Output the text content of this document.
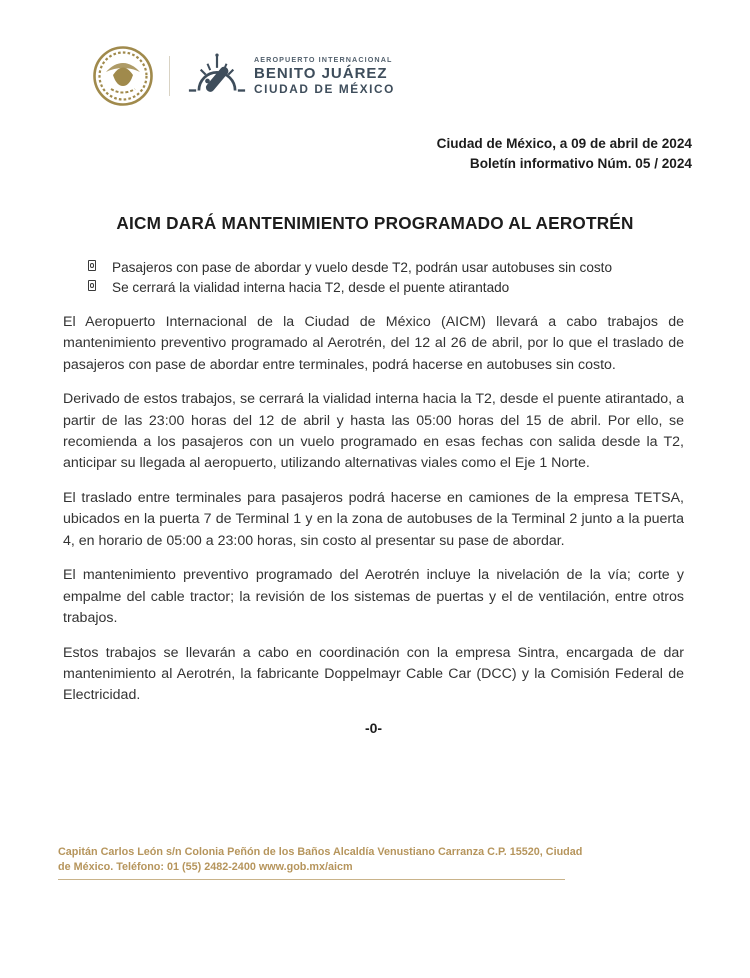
AEROPUERTO INTERNACIONAL
BENITO JUÁREZ
CIUDAD DE MÉXICO
Ciudad de México, a 09 de abril de 2024
Boletín informativo Núm. 05 / 2024
AICM DARÁ MANTENIMIENTO PROGRAMADO AL AEROTRÉN
Pasajeros con pase de abordar y vuelo desde T2, podrán usar autobuses sin costo
Se cerrará la vialidad interna hacia T2, desde el puente atirantado

El Aeropuerto Internacional de la Ciudad de México (AICM) llevará a cabo trabajos de mantenimiento preventivo programado al Aerotrén, del 12 al 26 de abril, por lo que el traslado de pasajeros con pase de abordar entre terminales, podrá hacerse en autobuses sin costo.

Derivado de estos trabajos, se cerrará la vialidad interna hacia la T2, desde el puente atirantado, a partir de las 23:00 horas del 12 de abril y hasta las 05:00 horas del 15 de abril. Por ello, se recomienda a los pasajeros con un vuelo programado en esas fechas con salida desde la T2, anticipar su llegada al aeropuerto, utilizando alternativas viales como el Eje 1 Norte.

El traslado entre terminales para pasajeros podrá hacerse en camiones de la empresa TETSA, ubicados en la puerta 7 de Terminal 1 y en la zona de autobuses de la Terminal 2 junto a la puerta 4, en horario de 05:00 a 23:00 horas, sin costo al presentar su pase de abordar.

El mantenimiento preventivo programado del Aerotrén incluye la nivelación de la vía; corte y empalme del cable tractor; la revisión de los sistemas de puertas y el de ventilación, entre otros trabajos.

Estos trabajos se llevarán a cabo en coordinación con la empresa Sintra, encargada de dar mantenimiento al Aerotrén, la fabricante Doppelmayr Cable Car (DCC) y la Comisión Federal de Electricidad.

-0-
Capitán Carlos León s/n Colonia Peñón de los Baños Alcaldía Venustiano Carranza C.P. 15520, Ciudad
de México. Teléfono: 01 (55) 2482-2400 www.gob.mx/aicm
